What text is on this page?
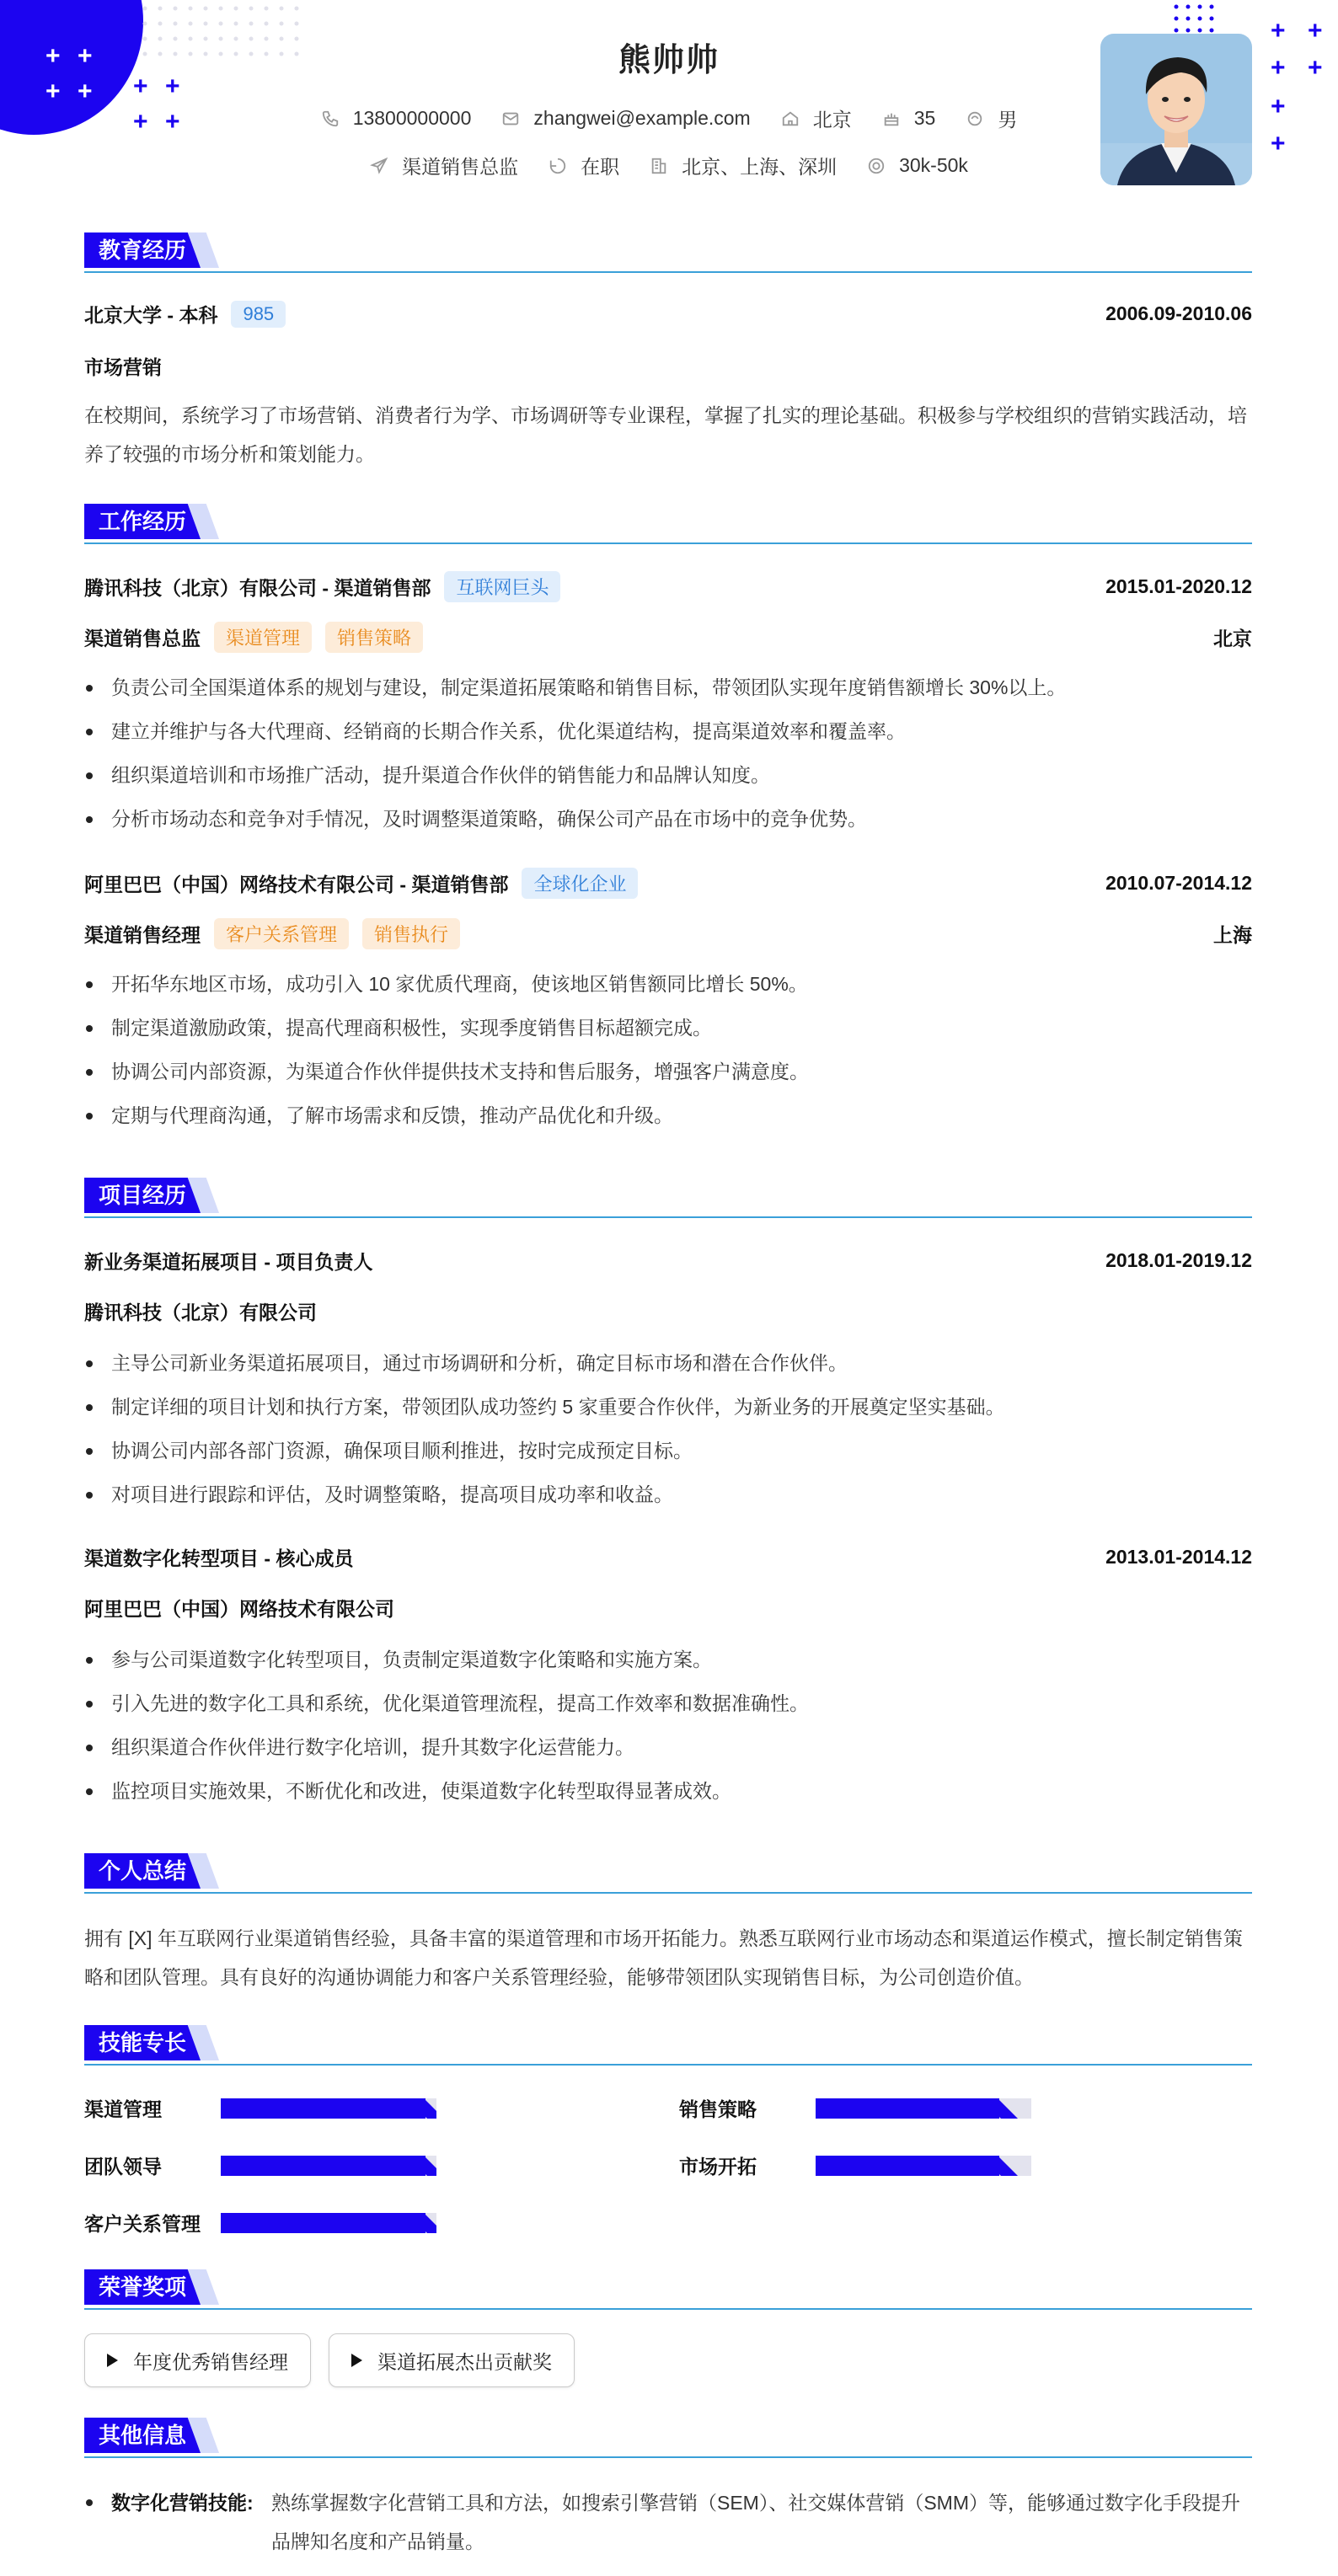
+ +
+ + + +
+ +
+ +
+ +
+
+
熊帅帅
13800000000	zhangwei@example.com	北京	35	男
渠道销售总监	在职	北京、上海、深圳	30k-50k
教育经历
北京大学 - 本科	985	2006.09-2010.06
市场营销
在校期间，系统学习了市场营销、消费者行为学、市场调研等专业课程，掌握了扎实的理论基础。积极参与学校组织的营销实践活动，培养了较强的市场分析和策划能力。
工作经历
腾讯科技（北京）有限公司 - 渠道销售部	互联网巨头	2015.01-2020.12
渠道销售总监	渠道管理	销售策略	北京
负责公司全国渠道体系的规划与建设，制定渠道拓展策略和销售目标，带领团队实现年度销售额增长 30%以上。
建立并维护与各大代理商、经销商的长期合作关系，优化渠道结构，提高渠道效率和覆盖率。
组织渠道培训和市场推广活动，提升渠道合作伙伴的销售能力和品牌认知度。
分析市场动态和竞争对手情况，及时调整渠道策略，确保公司产品在市场中的竞争优势。
阿里巴巴（中国）网络技术有限公司 - 渠道销售部	全球化企业	2010.07-2014.12
渠道销售经理	客户关系管理	销售执行	上海
开拓华东地区市场，成功引入 10 家优质代理商，使该地区销售额同比增长 50%。
制定渠道激励政策，提高代理商积极性，实现季度销售目标超额完成。
协调公司内部资源，为渠道合作伙伴提供技术支持和售后服务，增强客户满意度。
定期与代理商沟通，了解市场需求和反馈，推动产品优化和升级。
项目经历
新业务渠道拓展项目 - 项目负责人	2018.01-2019.12
腾讯科技（北京）有限公司
主导公司新业务渠道拓展项目，通过市场调研和分析，确定目标市场和潜在合作伙伴。
制定详细的项目计划和执行方案，带领团队成功签约 5 家重要合作伙伴，为新业务的开展奠定坚实基础。
协调公司内部各部门资源，确保项目顺利推进，按时完成预定目标。
对项目进行跟踪和评估，及时调整策略，提高项目成功率和收益。
渠道数字化转型项目 - 核心成员	2013.01-2014.12
阿里巴巴（中国）网络技术有限公司
参与公司渠道数字化转型项目，负责制定渠道数字化策略和实施方案。
引入先进的数字化工具和系统，优化渠道管理流程，提高工作效率和数据准确性。
组织渠道合作伙伴进行数字化培训，提升其数字化运营能力。
监控项目实施效果，不断优化和改进，使渠道数字化转型取得显著成效。
个人总结
拥有 [X] 年互联网行业渠道销售经验，具备丰富的渠道管理和市场开拓能力。熟悉互联网行业市场动态和渠道运作模式，擅长制定销售策略和团队管理。具有良好的沟通协调能力和客户关系管理经验，能够带领团队实现销售目标，为公司创造价值。
技能专长
渠道管理	销售策略
团队领导	市场开拓
客户关系管理
荣誉奖项
年度优秀销售经理	渠道拓展杰出贡献奖
其他信息
数字化营销技能: 熟练掌握数字化营销工具和方法，如搜索引擎营销（SEM）、社交媒体营销（SMM）等，能够通过数字化手段提升品牌知名度和产品销量。
